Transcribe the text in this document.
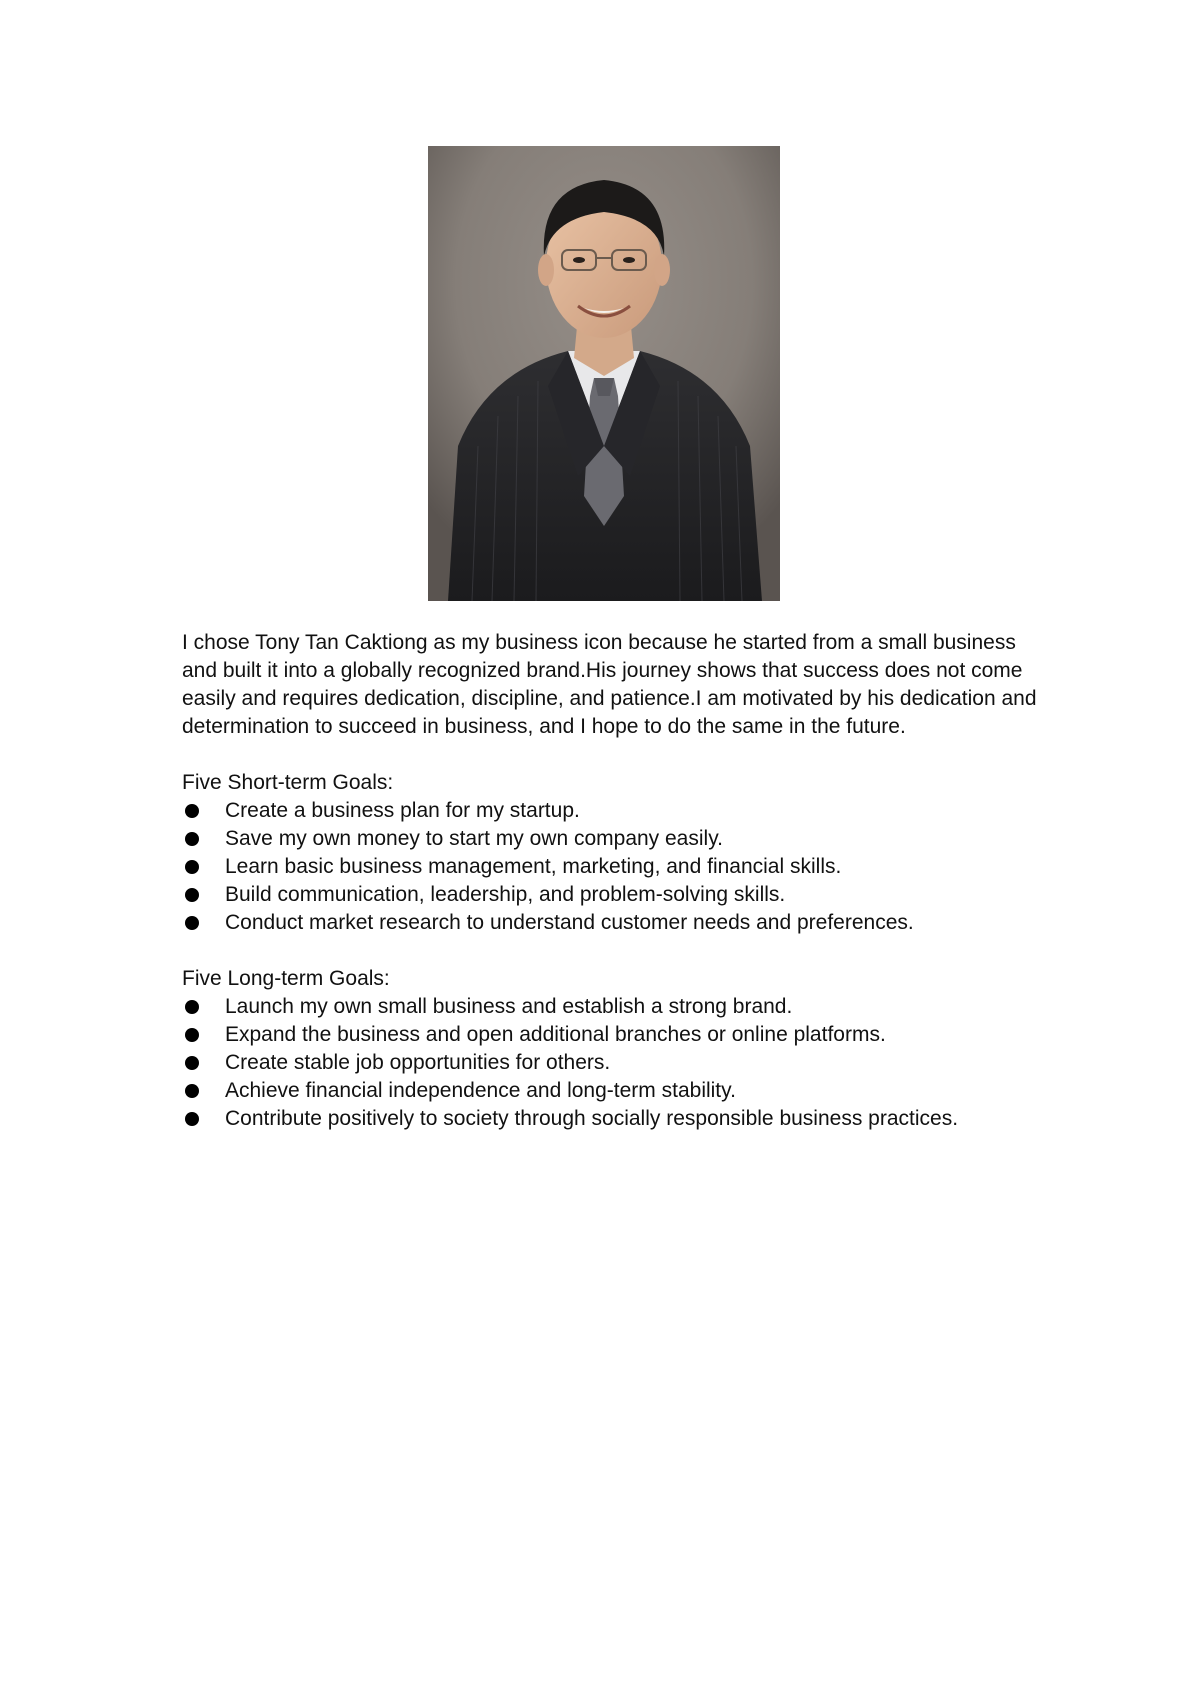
I chose Tony Tan Caktiong as my business icon because he started from a small business and built it into a globally recognized brand.His journey shows that success does not come easily and requires dedication, discipline, and patience.I am motivated by his dedication and determination to succeed in business, and I hope to do the same in the future.

Five Short-term Goals:

Create a business plan for my startup.
Save my own money to start my own company easily.
Learn basic business management, marketing, and financial skills.
Build communication, leadership, and problem-solving skills.
Conduct market research to understand customer needs and preferences.

Five Long-term Goals:

Launch my own small business and establish a strong brand.
Expand the business and open additional branches or online platforms.
Create stable job opportunities for others.
Achieve financial independence and long-term stability.
Contribute positively to society through socially responsible business practices.
